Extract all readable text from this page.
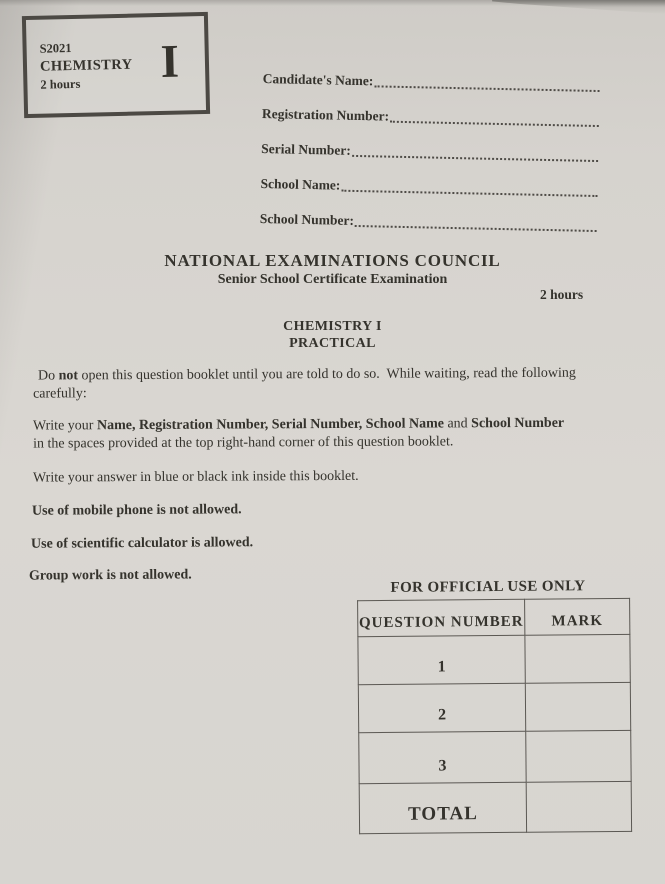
S2021
CHEMISTRY
2 hours	I	Candidate's Name:
Registration Number:
Serial Number:
School Name:
School Number:
NATIONAL EXAMINATIONS COUNCIL
Senior School Certificate Examination
2 hours
CHEMISTRY I
PRACTICAL
Do not open this question booklet until you are told to do so.  While waiting, read the following
carefully:
Write your Name, Registration Number, Serial Number, School Name and School Number
in the spaces provided at the top right-hand corner of this question booklet.
Write your answer in blue or black ink inside this booklet.
Use of mobile phone is not allowed.
Use of scientific calculator is allowed.
Group work is not allowed.
FOR OFFICIAL USE ONLY
QUESTION NUMBER	MARK
1	
2	
3	
TOTAL	
